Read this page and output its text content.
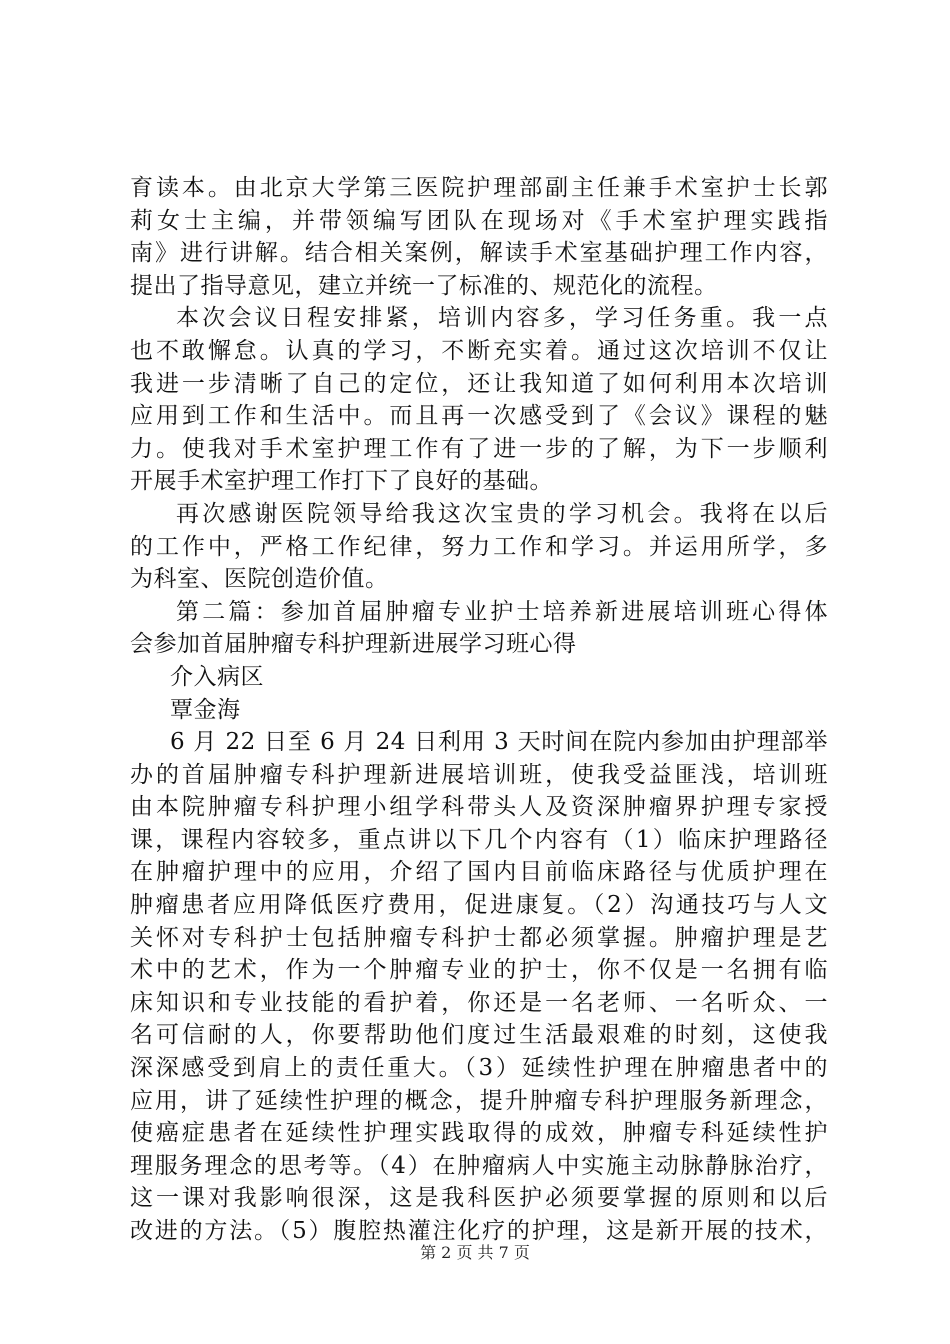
育读本。由北京大学第三医院护理部副主任兼手术室护士长郭
莉女士主编，并带领编写团队在现场对《手术室护理实践指
南》进行讲解。结合相关案例，解读手术室基础护理工作内容，
提出了指导意见，建立并统一了标准的、规范化的流程。
本次会议日程安排紧，培训内容多，学习任务重。我一点
也不敢懈怠。认真的学习，不断充实着。通过这次培训不仅让
我进一步清晰了自己的定位，还让我知道了如何利用本次培训
应用到工作和生活中。而且再一次感受到了《会议》课程的魅
力。使我对手术室护理工作有了进一步的了解，为下一步顺利
开展手术室护理工作打下了良好的基础。
再次感谢医院领导给我这次宝贵的学习机会。我将在以后
的工作中，严格工作纪律，努力工作和学习。并运用所学，多
为科室、医院创造价值。
第二篇：参加首届肿瘤专业护士培养新进展培训班心得体
会参加首届肿瘤专科护理新进展学习班心得
介入病区
覃金海
6 月 22 日至 6 月 24 日利用 3 天时间在院内参加由护理部举
办的首届肿瘤专科护理新进展培训班，使我受益匪浅，培训班
由本院肿瘤专科护理小组学科带头人及资深肿瘤界护理专家授
课，课程内容较多，重点讲以下几个内容有（1）临床护理路径
在肿瘤护理中的应用，介绍了国内目前临床路径与优质护理在
肿瘤患者应用降低医疗费用，促进康复。（2）沟通技巧与人文
关怀对专科护士包括肿瘤专科护士都必须掌握。肿瘤护理是艺
术中的艺术，作为一个肿瘤专业的护士，你不仅是一名拥有临
床知识和专业技能的看护着，你还是一名老师、一名听众、一
名可信耐的人，你要帮助他们度过生活最艰难的时刻，这使我
深深感受到肩上的责任重大。（3）延续性护理在肿瘤患者中的
应用，讲了延续性护理的概念，提升肿瘤专科护理服务新理念，
使癌症患者在延续性护理实践取得的成效，肿瘤专科延续性护
理服务理念的思考等。（4）在肿瘤病人中实施主动脉静脉治疗，
这一课对我影响很深，这是我科医护必须要掌握的原则和以后
改进的方法。（5）腹腔热灌注化疗的护理，这是新开展的技术，
第 2 页 共 7 页
